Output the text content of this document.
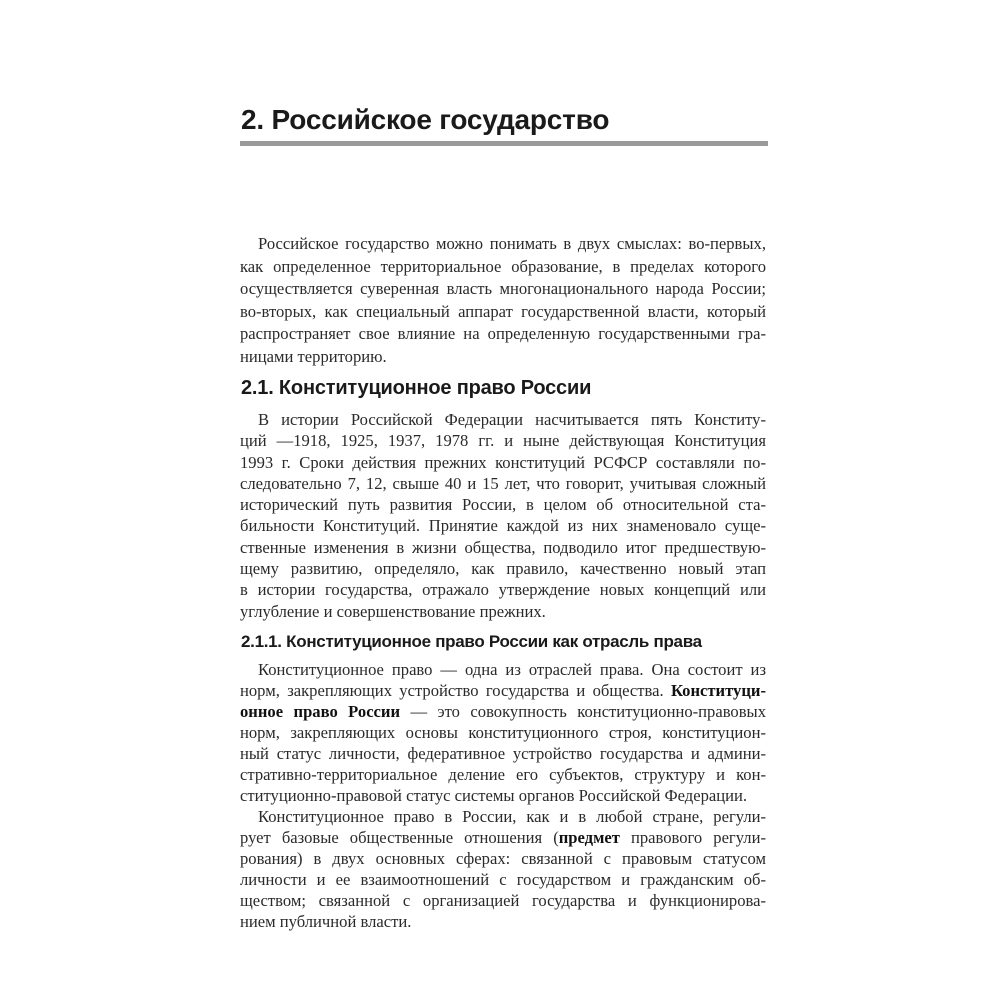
2. Российское государство
Российское государство можно понимать в двух смыслах: во-первых,
как определенное территориальное образование, в пределах которого
осуществляется суверенная власть многонационального народа России;
во-вторых, как специальный аппарат государственной власти, который
распространяет свое влияние на определенную государственными гра-
ницами территорию.
2.1. Конституционное право России
В истории Российской Федерации насчитывается пять Конститу-
ций —1918, 1925, 1937, 1978 гг. и ныне действующая Конституция
1993 г. Сроки действия прежних конституций РСФСР составляли по-
следовательно 7, 12, свыше 40 и 15 лет, что говорит, учитывая сложный
исторический путь развития России, в целом об относительной ста-
бильности Конституций. Принятие каждой из них знаменовало суще-
ственные изменения в жизни общества, подводило итог предшествую-
щему развитию, определяло, как правило, качественно новый этап
в истории государства, отражало утверждение новых концепций или
углубление и совершенствование прежних.
2.1.1. Конституционное право России как отрасль права
Конституционное право — одна из отраслей права. Она состоит из
норм, закрепляющих устройство государства и общества. Конституци-
онное право России — это совокупность конституционно-правовых
норм, закрепляющих основы конституционного строя, конституцион-
ный статус личности, федеративное устройство государства и админи-
стративно-территориальное деление его субъектов, структуру и кон-
ституционно-правовой статус системы органов Российской Федерации.
Конституционное право в России, как и в любой стране, регули-
рует базовые общественные отношения (предмет правового регули-
рования) в двух основных сферах: связанной с правовым статусом
личности и ее взаимоотношений с государством и гражданским об-
ществом; связанной с организацией государства и функционирова-
нием публичной власти.
